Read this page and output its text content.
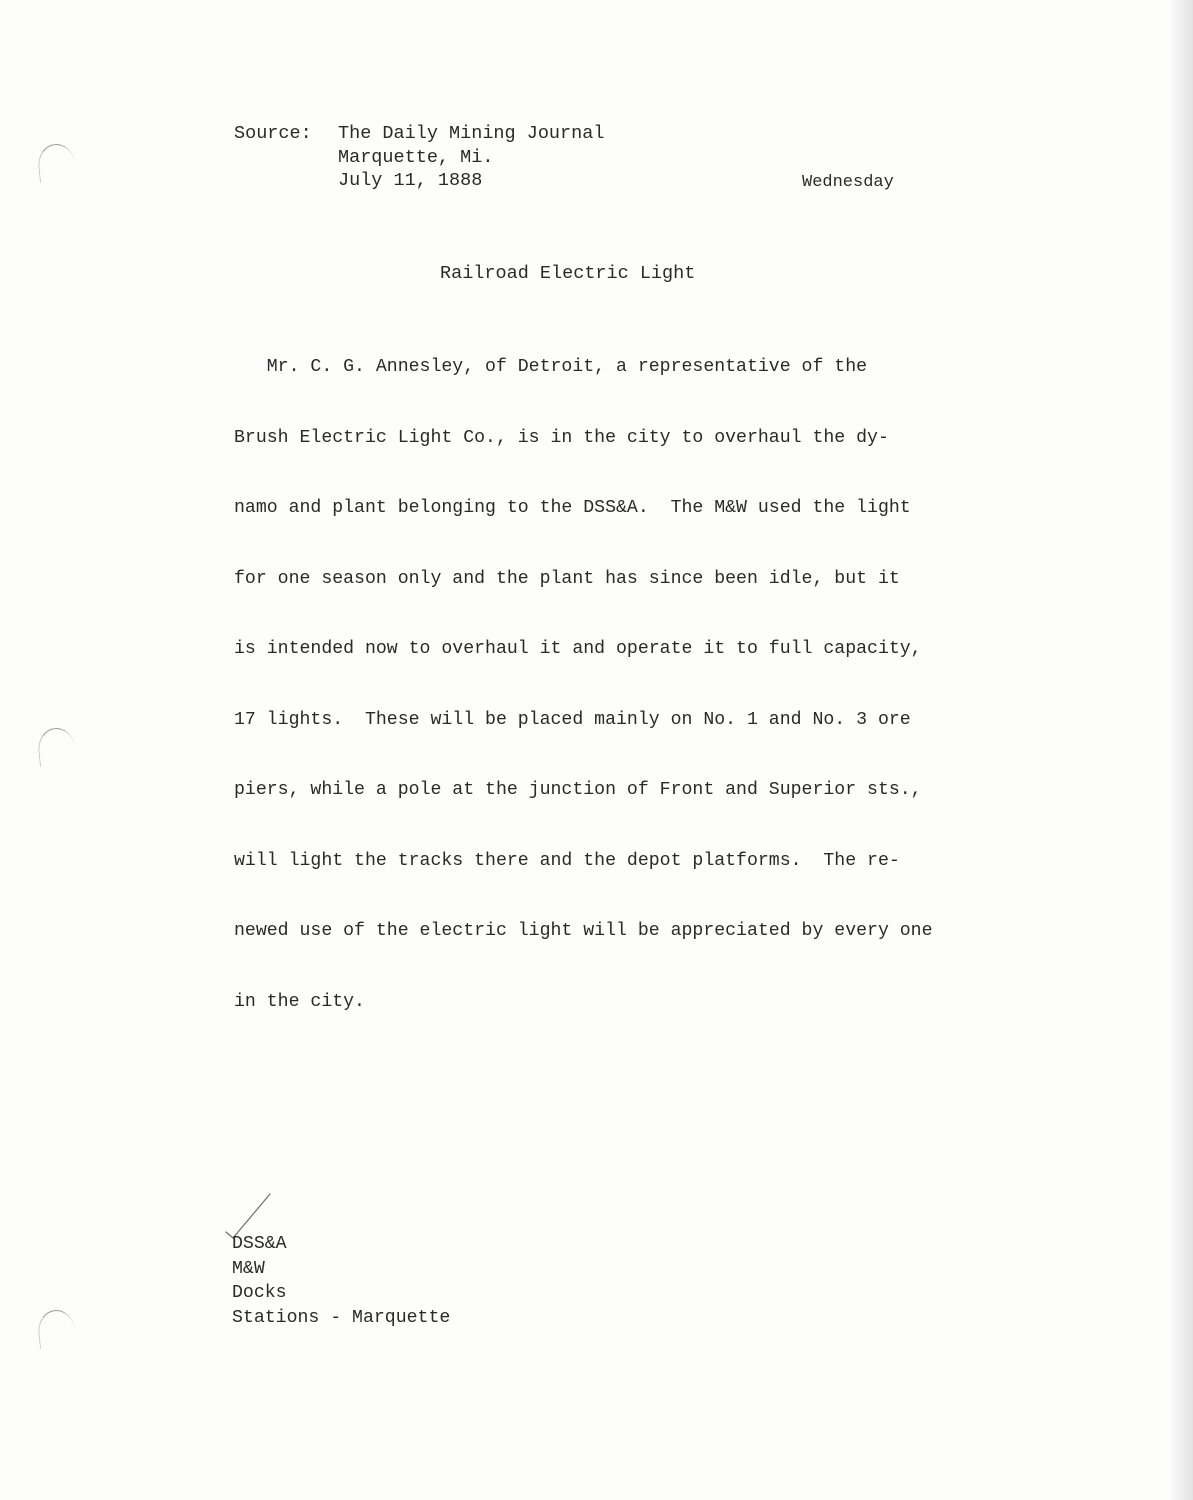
Source:	The Daily Mining Journal
Marquette, Mi.
July 11, 1888	Wednesday
Railroad Electric Light

Mr. C. G. Annesley, of Detroit, a representative of the

Brush Electric Light Co., is in the city to overhaul the dy-

namo and plant belonging to the DSS&A.  The M&W used the light

for one season only and the plant has since been idle, but it

is intended now to overhaul it and operate it to full capacity,

17 lights.  These will be placed mainly on No. 1 and No. 3 ore

piers, while a pole at the junction of Front and Superior sts.,

will light the tracks there and the depot platforms.  The re-

newed use of the electric light will be appreciated by every one

in the city.

DSS&A
M&W
Docks
Stations - Marquette
